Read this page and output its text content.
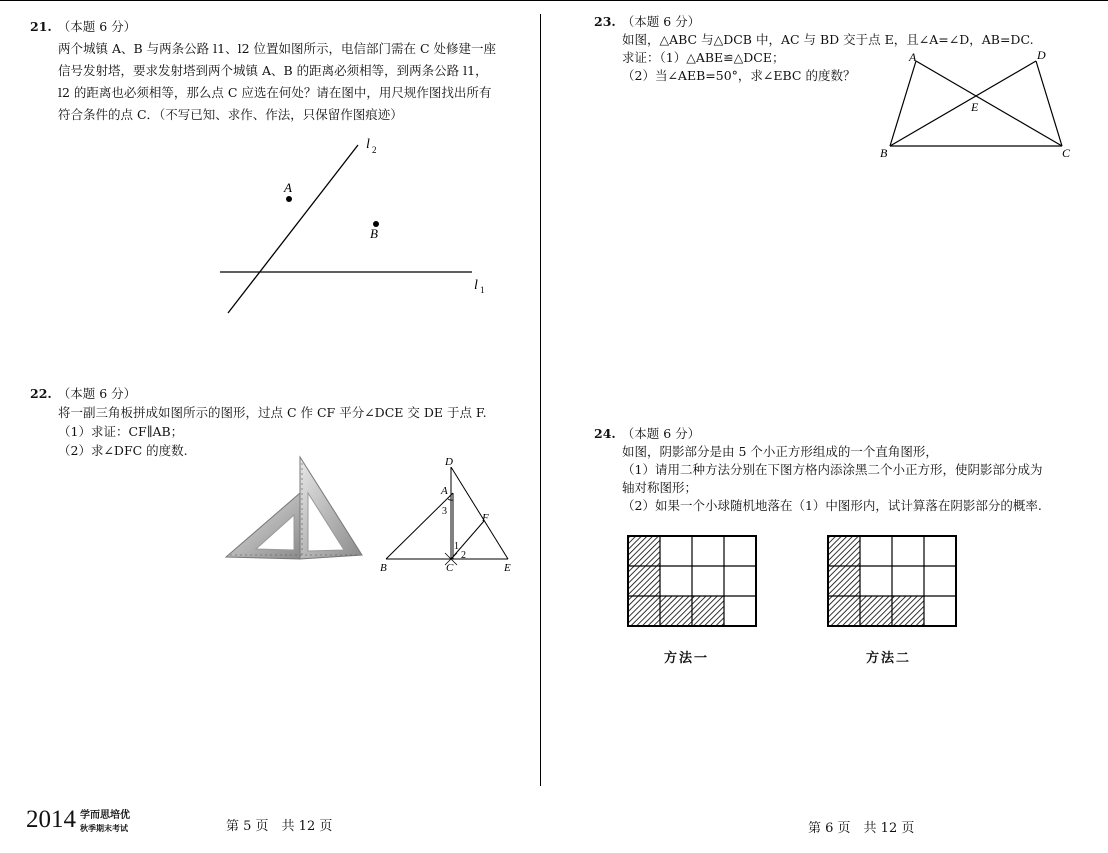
21. （本题 6 分）
两个城镇 A、B 与两条公路 l1、l2 位置如图所示，电信部门需在 C 处修建一座
信号发射塔，要求发射塔到两个城镇 A、B 的距离必须相等，到两条公路 l1，
l2 的距离也必须相等，那么点 C 应选在何处？请在图中，用尺规作图找出所有
符合条件的点 C．（不写已知、求作、作法，只保留作图痕迹）
A
B
l 2
l 1
22. （本题 6 分）
将一副三角板拼成如图所示的图形，过点 C 作 CF 平分∠DCE 交 DE 于点 F.
（1）求证：CF∥AB；
（2）求∠DFC 的度数.
D
A
3
F
1
2
B	C	E
23. （本题 6 分）
如图，△ABC 与△DCB 中，AC 与 BD 交于点 E，且∠A=∠D，AB=DC.
求证：（1）△ABE≌△DCE；
（2）当∠AEB=50°，求∠EBC 的度数？
A	D
E
B	C
24. （本题 6 分）
如图，阴影部分是由 5 个小正方形组成的一个直角图形，
（1）请用二种方法分别在下图方格内添涂黑二个小正方形，使阴影部分成为
轴对称图形；
（2）如果一个小球随机地落在（1）中图形内，试计算落在阴影部分的概率.
方法一	方法二
2014 学而思培优
秋季期末考试	第 5 页　共 12 页	第 6 页　共 12 页
